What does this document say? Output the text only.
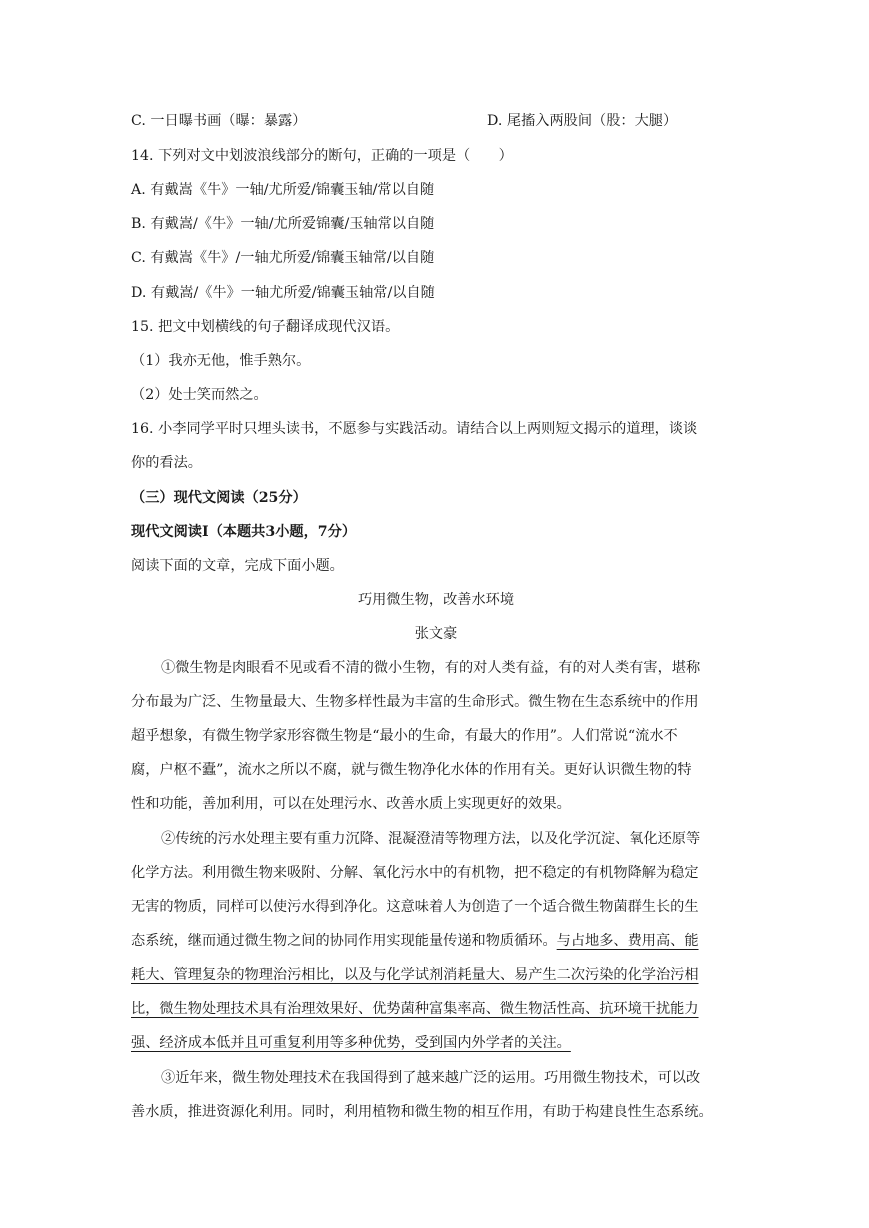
C. 一日曝书画（曝：暴露）	D. 尾搐入两股间（股：大腿）
14. 下列对文中划波浪线部分的断句，正确的一项是（　　）
A. 有戴嵩《牛》一轴/尤所爱/锦囊玉轴/常以自随
B. 有戴嵩/《牛》一轴/尤所爱锦囊/玉轴常以自随
C. 有戴嵩《牛》/一轴尤所爱/锦囊玉轴常/以自随
D. 有戴嵩/《牛》一轴尤所爱/锦囊玉轴常/以自随
15. 把文中划横线的句子翻译成现代汉语。
（1）我亦无他，惟手熟尔。
（2）处士笑而然之。
16. 小李同学平时只埋头读书，不愿参与实践活动。请结合以上两则短文揭示的道理，谈谈
你的看法。
（三）现代文阅读（25分）
现代文阅读Ⅰ（本题共3小题，7分）
阅读下面的文章，完成下面小题。
巧用微生物，改善水环境
张文豪
①微生物是肉眼看不见或看不清的微小生物，有的对人类有益，有的对人类有害，堪称
分布最为广泛、生物量最大、生物多样性最为丰富的生命形式。微生物在生态系统中的作用
超乎想象，有微生物学家形容微生物是“最小的生命，有最大的作用”。人们常说“流水不
腐，户枢不蠹”，流水之所以不腐，就与微生物净化水体的作用有关。更好认识微生物的特
性和功能，善加利用，可以在处理污水、改善水质上实现更好的效果。
②传统的污水处理主要有重力沉降、混凝澄清等物理方法，以及化学沉淀、氧化还原等
化学方法。利用微生物来吸附、分解、氧化污水中的有机物，把不稳定的有机物降解为稳定
无害的物质，同样可以使污水得到净化。这意味着人为创造了一个适合微生物菌群生长的生
态系统，继而通过微生物之间的协同作用实现能量传递和物质循环。与占地多、费用高、能
耗大、管理复杂的物理治污相比，以及与化学试剂消耗量大、易产生二次污染的化学治污相
比，微生物处理技术具有治理效果好、优势菌种富集率高、微生物活性高、抗环境干扰能力
强、经济成本低并且可重复利用等多种优势，受到国内外学者的关注。
③近年来，微生物处理技术在我国得到了越来越广泛的运用。巧用微生物技术，可以改
善水质，推进资源化利用。同时，利用植物和微生物的相互作用，有助于构建良性生态系统。
